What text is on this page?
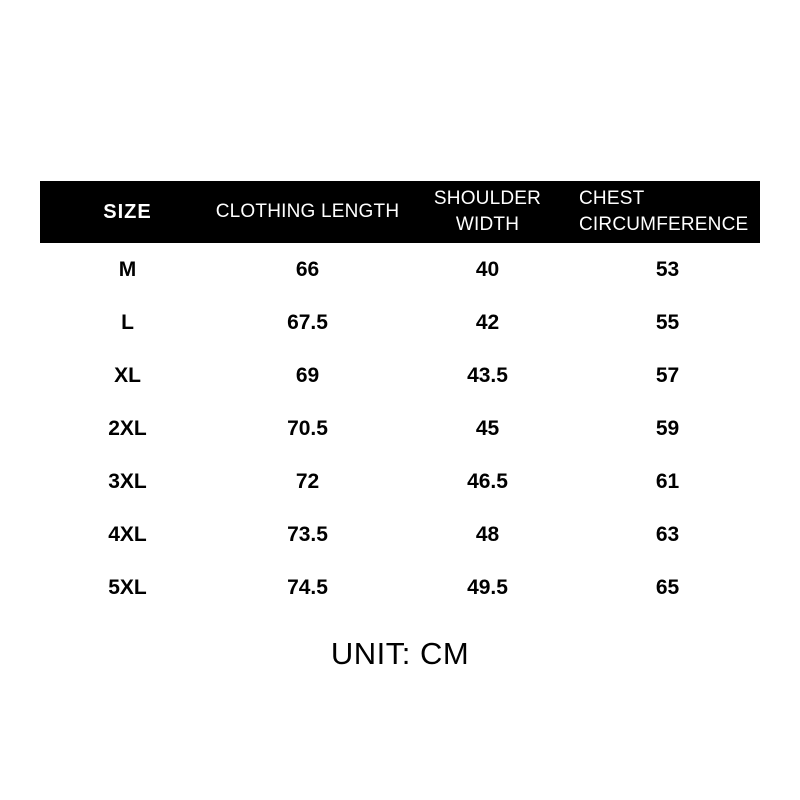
SIZE	CLOTHING LENGTH	SHOULDER WIDTH	CHEST
CIRCUMFERENCE

M	66	40	53
L	67.5	42	55
XL	69	43.5	57
2XL	70.5	45	59
3XL	72	46.5	61
4XL	73.5	48	63
5XL	74.5	49.5	65
UNIT: CM
